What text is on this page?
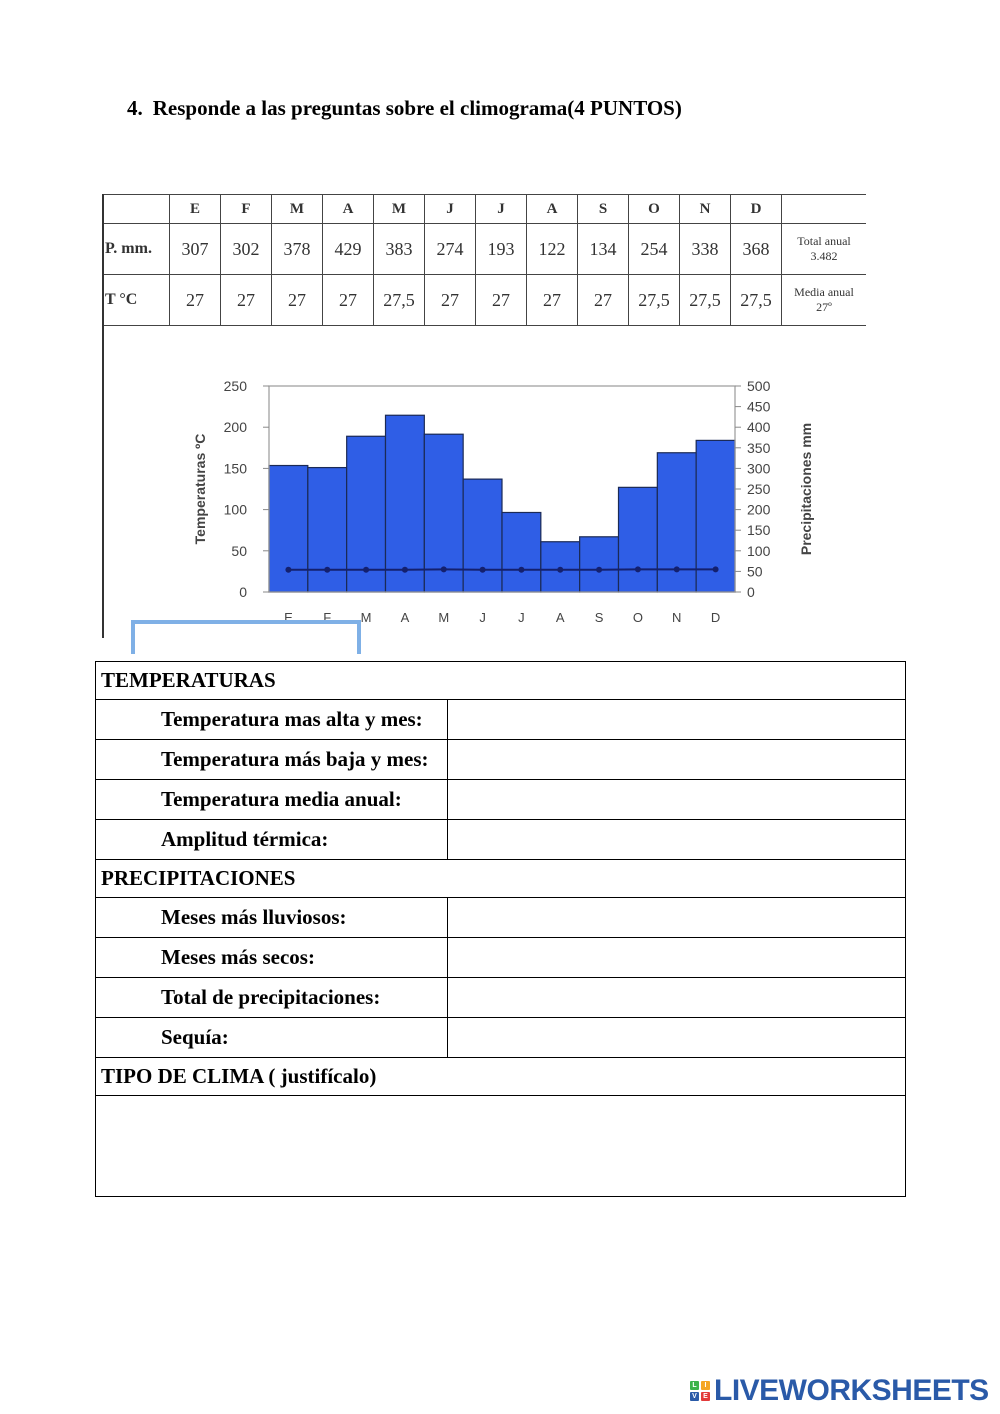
4. Responde a las preguntas sobre el climograma(4 PUNTOS)
	E	F	M	A	M	J	J	A	S	O	N	D	
P. mm.	307	302	378	429	383	274	193	122	134	254	338	368	Total anual
3.482
T °C	27	27	27	27	27,5	27	27	27	27	27,5	27,5	27,5	Media anual
27º
0
50
100
150
200
250
0
50
100
150
200
250
300
350
400
450
500
Temperaturas ºC	Precipitaciones mm
E F M A M J J A S O N D
TEMPERATURAS	
Temperatura mas alta y mes:	
Temperatura más baja y mes:	
Temperatura media anual:	
Amplitud térmica:	
PRECIPITACIONES	
Meses más lluviosos:	
Meses más secos:	
Total de precipitaciones:	
Sequía:	
TIPO DE CLIMA ( justifícalo)	

L	I
V E LIVEWORKSHEETS
